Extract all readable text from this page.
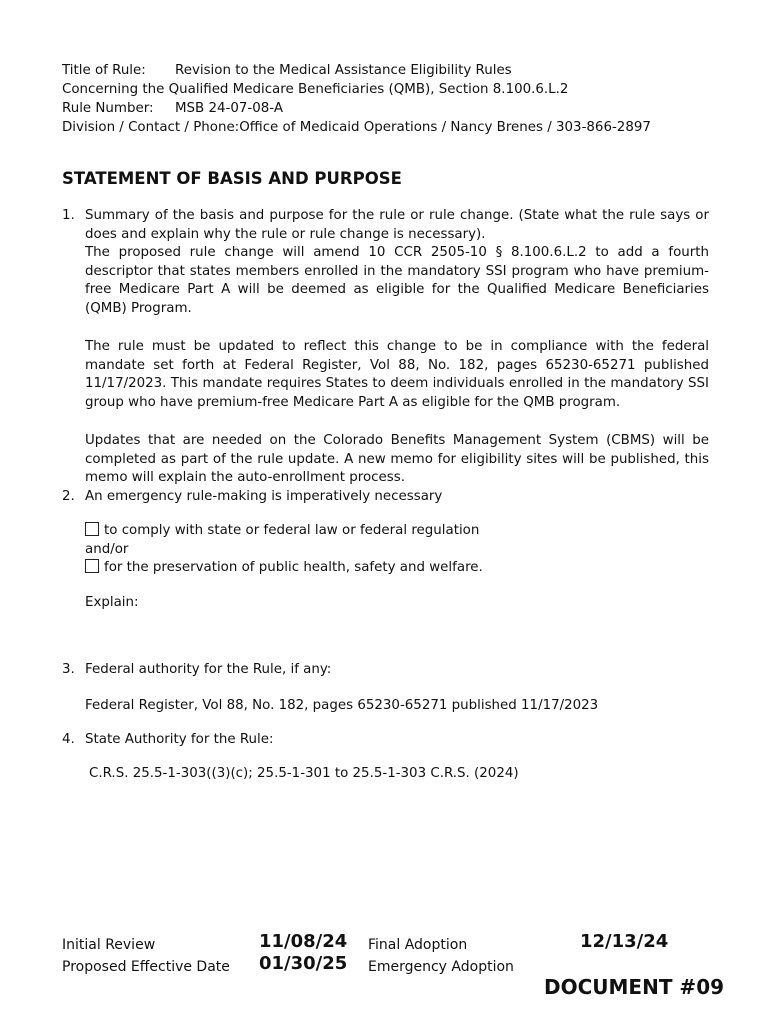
Title of Rule: Revision to the Medical Assistance Eligibility Rules
Concerning the Qualified Medicare Beneficiaries (QMB), Section 8.100.6.L.2
Rule Number: MSB 24-07-08-A
Division / Contact / Phone:Office of Medicaid Operations / Nancy Brenes / 303-866-2897
STATEMENT OF BASIS AND PURPOSE
1. Summary of the basis and purpose for the rule or rule change. (State what the rule says or does and explain why the rule or rule change is necessary).
The proposed rule change will amend 10 CCR 2505-10 § 8.100.6.L.2 to add a fourth descriptor that states members enrolled in the mandatory SSI program who have premium-free Medicare Part A will be deemed as eligible for the Qualified Medicare Beneficiaries (QMB) Program.
The rule must be updated to reflect this change to be in compliance with the federal mandate set forth at Federal Register, Vol 88, No. 182, pages 65230-65271 published 11/17/2023. This mandate requires States to deem individuals enrolled in the mandatory SSI group who have premium-free Medicare Part A as eligible for the QMB program.
Updates that are needed on the Colorado Benefits Management System (CBMS) will be completed as part of the rule update. A new memo for eligibility sites will be published, this memo will explain the auto-enrollment process.
2. An emergency rule-making is imperatively necessary
to comply with state or federal law or federal regulation
and/or
for the preservation of public health, safety and welfare.
Explain:
3. Federal authority for the Rule, if any:
Federal Register, Vol 88, No. 182, pages 65230-65271 published 11/17/2023
4. State Authority for the Rule:
C.R.S. 25.5-1-303((3)(c); 25.5-1-301 to 25.5-1-303 C.R.S. (2024)
Initial Review	11/08/24 Final Adoption	12/13/24
Proposed Effective Date 01/30/25 Emergency Adoption
DOCUMENT #09
